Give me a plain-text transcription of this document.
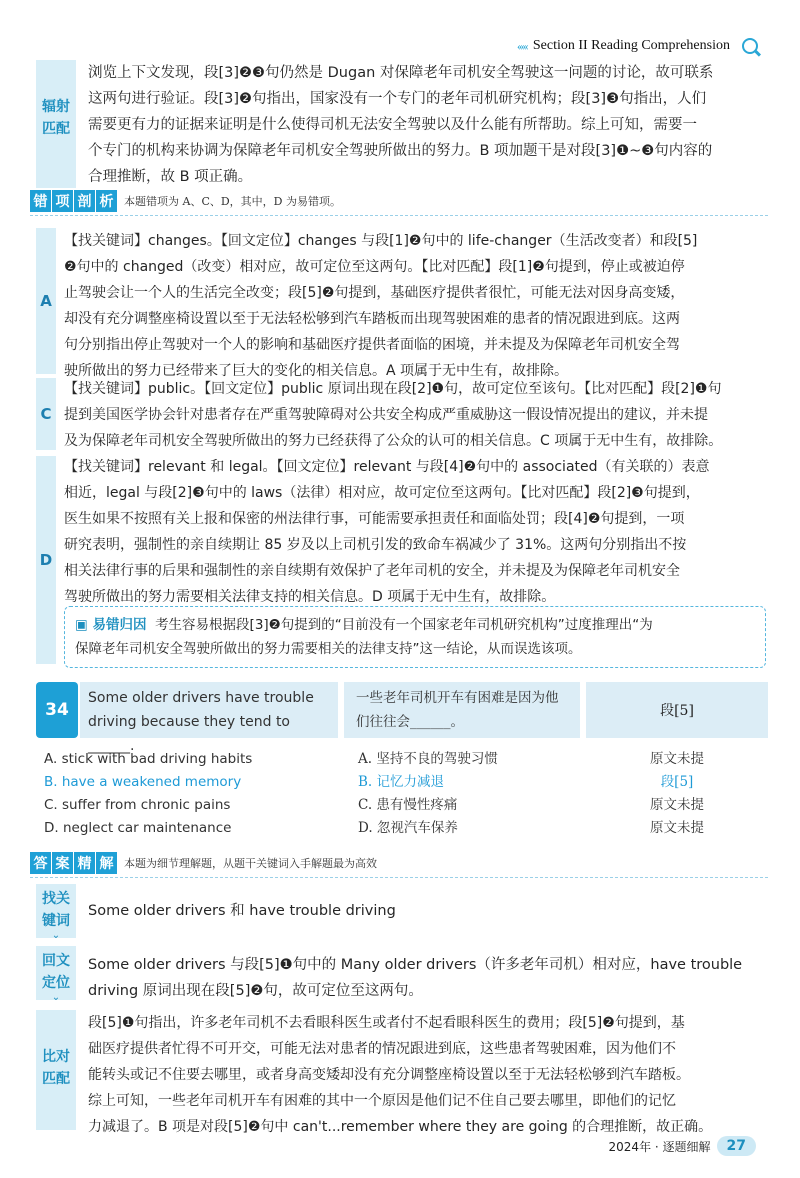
‹‹‹‹‹ Section II Reading Comprehension
辐射
匹配
浏览上下文发现，段[3]❷❸句仍然是 Dugan 对保障老年司机安全驾驶这一问题的讨论，故可联系
这两句进行验证。段[3]❷句指出，国家没有一个专门的老年司机研究机构；段[3]❸句指出，人们
需要更有力的证据来证明是什么使得司机无法安全驾驶以及什么能有所帮助。综上可知，需要一
个专门的机构来协调为保障老年司机安全驾驶所做出的努力。B 项加题干是对段[3]❶~❸句内容的
合理推断，故 B 项正确。
错 项 剖 析 本题错项为 A、C、D，其中，D 为易错项。
A
【找关键词】changes。【回文定位】changes 与段[1]❷句中的 life-changer（生活改变者）和段[5]
❷句中的 changed（改变）相对应，故可定位至这两句。【比对匹配】段[1]❷句提到，停止或被迫停
止驾驶会让一个人的生活完全改变；段[5]❷句提到，基础医疗提供者很忙，可能无法对因身高变矮，
却没有充分调整座椅设置以至于无法轻松够到汽车踏板而出现驾驶困难的患者的情况跟进到底。这两
句分别指出停止驾驶对一个人的影响和基础医疗提供者面临的困境，并未提及为保障老年司机安全驾
驶所做出的努力已经带来了巨大的变化的相关信息。A 项属于无中生有，故排除。
C
【找关键词】public。【回文定位】public 原词出现在段[2]❶句，故可定位至该句。【比对匹配】段[2]❶句
提到美国医学协会针对患者存在严重驾驶障碍对公共安全构成严重威胁这一假设情况提出的建议，并未提
及为保障老年司机安全驾驶所做出的努力已经获得了公众的认可的相关信息。C 项属于无中生有，故排除。
D
【找关键词】relevant 和 legal。【回文定位】relevant 与段[4]❷句中的 associated（有关联的）表意
相近，legal 与段[2]❸句中的 laws（法律）相对应，故可定位至这两句。【比对匹配】段[2]❸句提到，
医生如果不按照有关上报和保密的州法律行事，可能需要承担责任和面临处罚；段[4]❷句提到，一项
研究表明，强制性的亲自续期让 85 岁及以上司机引发的致命车祸减少了 31%。这两句分别指出不按
相关法律行事的后果和强制性的亲自续期有效保护了老年司机的安全，并未提及为保障老年司机安全
驾驶所做出的努力需要相关法律支持的相关信息。D 项属于无中生有，故排除。
▣ 易错归因 考生容易根据段[3]❷句提到的“目前没有一个国家老年司机研究机构”过度推理出“为
保障老年司机安全驾驶所做出的努力需要相关的法律支持”这一结论，从而误选该项。
34
Some older drivers have trouble
driving because they tend to ______.
一些老年司机开车有困难是因为他
们往往会______。
段[5]
A. stick with bad driving habits
B. have a weakened memory
C. suffer from chronic pains
D. neglect car maintenance
A. 坚持不良的驾驶习惯
B. 记忆力减退
C. 患有慢性疼痛
D. 忽视汽车保养
原文未提
段[5]
原文未提
原文未提
答 案 精 解 本题为细节理解题，从题干关键词入手解题最为高效
找关
键词
⌄
Some older drivers 和 have trouble driving
回文
定位
⌄
Some older drivers 与段[5]❶句中的 Many older drivers（许多老年司机）相对应，have trouble
driving 原词出现在段[5]❷句，故可定位至这两句。
比对
匹配
段[5]❶句指出，许多老年司机不去看眼科医生或者付不起看眼科医生的费用；段[5]❷句提到，基
础医疗提供者忙得不可开交，可能无法对患者的情况跟进到底，这些患者驾驶困难，因为他们不
能转头或记不住要去哪里，或者身高变矮却没有充分调整座椅设置以至于无法轻松够到汽车踏板。
综上可知，一些老年司机开车有困难的其中一个原因是他们记不住自己要去哪里，即他们的记忆
力减退了。B 项是对段[5]❷句中 can't...remember where they are going 的合理推断，故正确。
2024年 · 逐题细解	27
